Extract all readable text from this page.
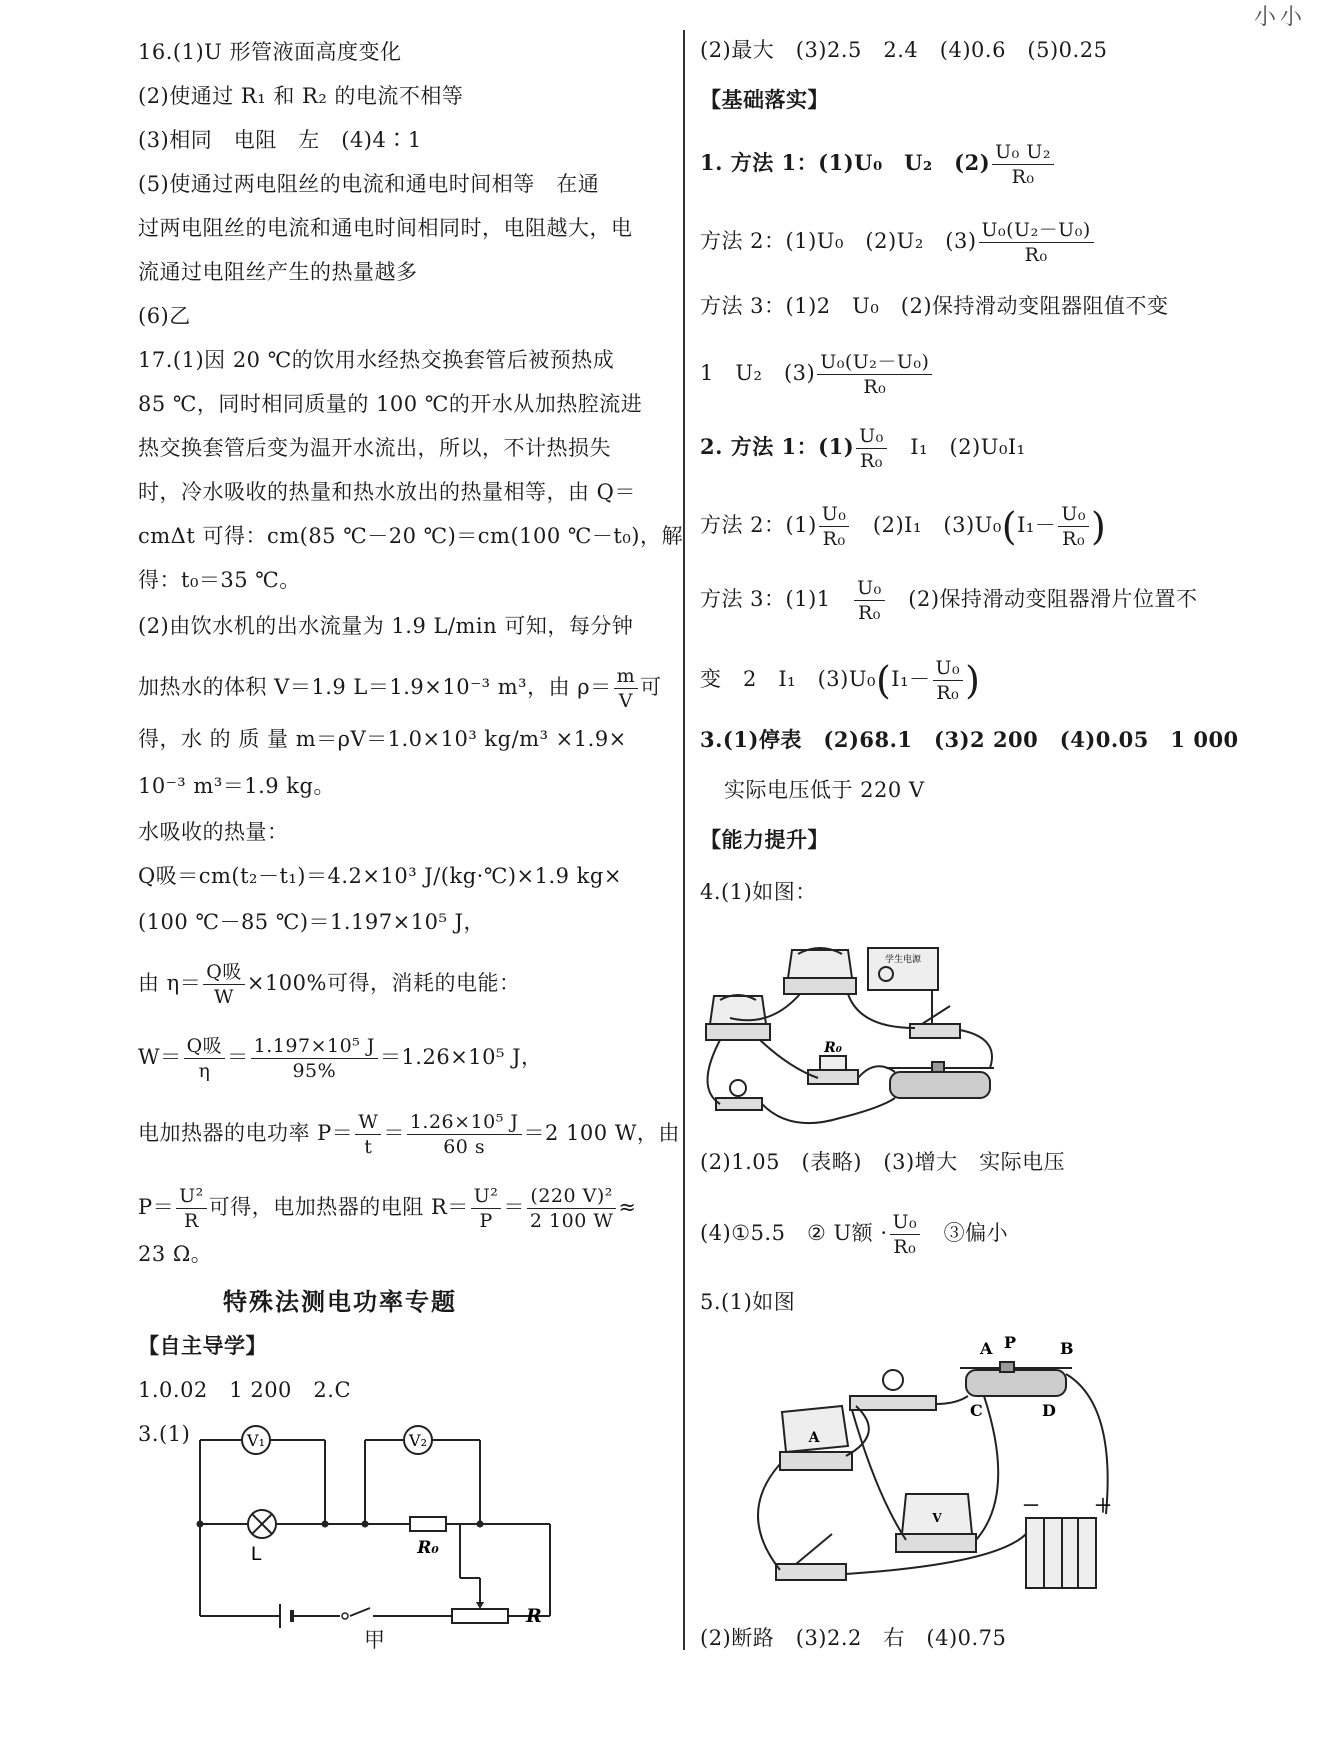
小小
16.(1)U 形管液面高度变化
(2)使通过 R₁ 和 R₂ 的电流不相等
(3)相同　电阻　左　(4)4∶1
(5)使通过两电阻丝的电流和通电时间相等　在通
过两电阻丝的电流和通电时间相同时，电阻越大，电
流通过电阻丝产生的热量越多
(6)乙
17.(1)因 20 ℃的饮用水经热交换套管后被预热成
85 ℃，同时相同质量的 100 ℃的开水从加热腔流进
热交换套管后变为温开水流出，所以，不计热损失
时，冷水吸收的热量和热水放出的热量相等，由 Q＝
cmΔt 可得：cm(85 ℃－20 ℃)＝cm(100 ℃－t₀)，解
得：t₀＝35 ℃。
(2)由饮水机的出水流量为 1.9 L/min 可知，每分钟
加热水的体积 V＝1.9 L＝1.9×10⁻³ m³，由 $\rho= \frac{m}{V}$ 可
得，水 的 质 量 m＝ρV＝1.0×10³ kg/m³ ×1.9×
10⁻³ m³＝1.9 kg。
水吸收的热量：
Q吸＝cm(t₂－t₁)＝4.2×10³ J/(kg·℃)×1.9 kg×
(100 ℃－85 ℃)＝1.197×10⁵ J，
由 $\eta= \frac{\text{Q吸}}{W} \times 100\%$可得，消耗的电能：
$W= \frac{\text{Q吸}}{\eta} = \frac{\text{1.197×10⁵ J}}{95\%} =1.26\times 10^5$ J，
电加热器的电功率 $P= \frac{W}{t} = \frac{\text{1.26×10⁵ J}}{60 s} =2$ 100 W，由
$P= \frac{\text{U²}}{R}$ 可得，电加热器的电阻 $R= \frac{\text{U²}}{P} = \frac{\text{(220 V)²}}{2 100 W}$ ≈
23 Ω。
特殊法测电功率专题
【自主导学】
1.0.02　1 200　2.C
3.(1)	V₁	V₂
L	R₀
R
甲
(2)最大　(3)2.5　2.4　(4)0.6　(5)0.25
【基础落实】
1. 方法 1：(1)U₀　U₂　$(2) \frac{\text{U₀ U₂}}{\text{R₀}}$
方法 2：(1)U₀　(2)U₂　$(3) \frac{\text{U₀(U₂－U₀)}}{\text{R₀}}$
方法 3：(1)2　U₀　(2)保持滑动变阻器阻值不变
1　U₂　$(3) \frac{\text{U₀(U₂－U₀)}}{\text{R₀}}$
2. 方法 1：$(1) \frac{\text{U₀}}{\text{R₀}}$ 　I₁　(2)U₀I₁
方法 2：$(1) \frac{\text{U₀}}{\text{R₀}}$ 　(2)I₁　$(3)U_0(I_1- \frac{\text{U₀}}{\text{R₀}}$ )
方法 3：(1)1　 $\frac{\text{U₀}}{\text{R₀}}$ 　(2)保持滑动变阻器滑片位置不
变　2　I₁　$(3)U_0(I_1- \frac{\text{U₀}}{\text{R₀}}$ )
3.(1)停表　(2)68.1　(3)2 200　(4)0.05　1 000
实际电压低于 220 V
【能力提升】
4.(1)如图：
学生电源
R₀
(2)1.05　(表略)　(3)增大　实际电压
(4)①5.5　② U额 · $\frac{\text{U₀}}{\text{R₀}}$ 　③偏小
5.(1)如图
A P	B
C	D
A
V
－	＋
(2)断路　(3)2.2　右　(4)0.75
